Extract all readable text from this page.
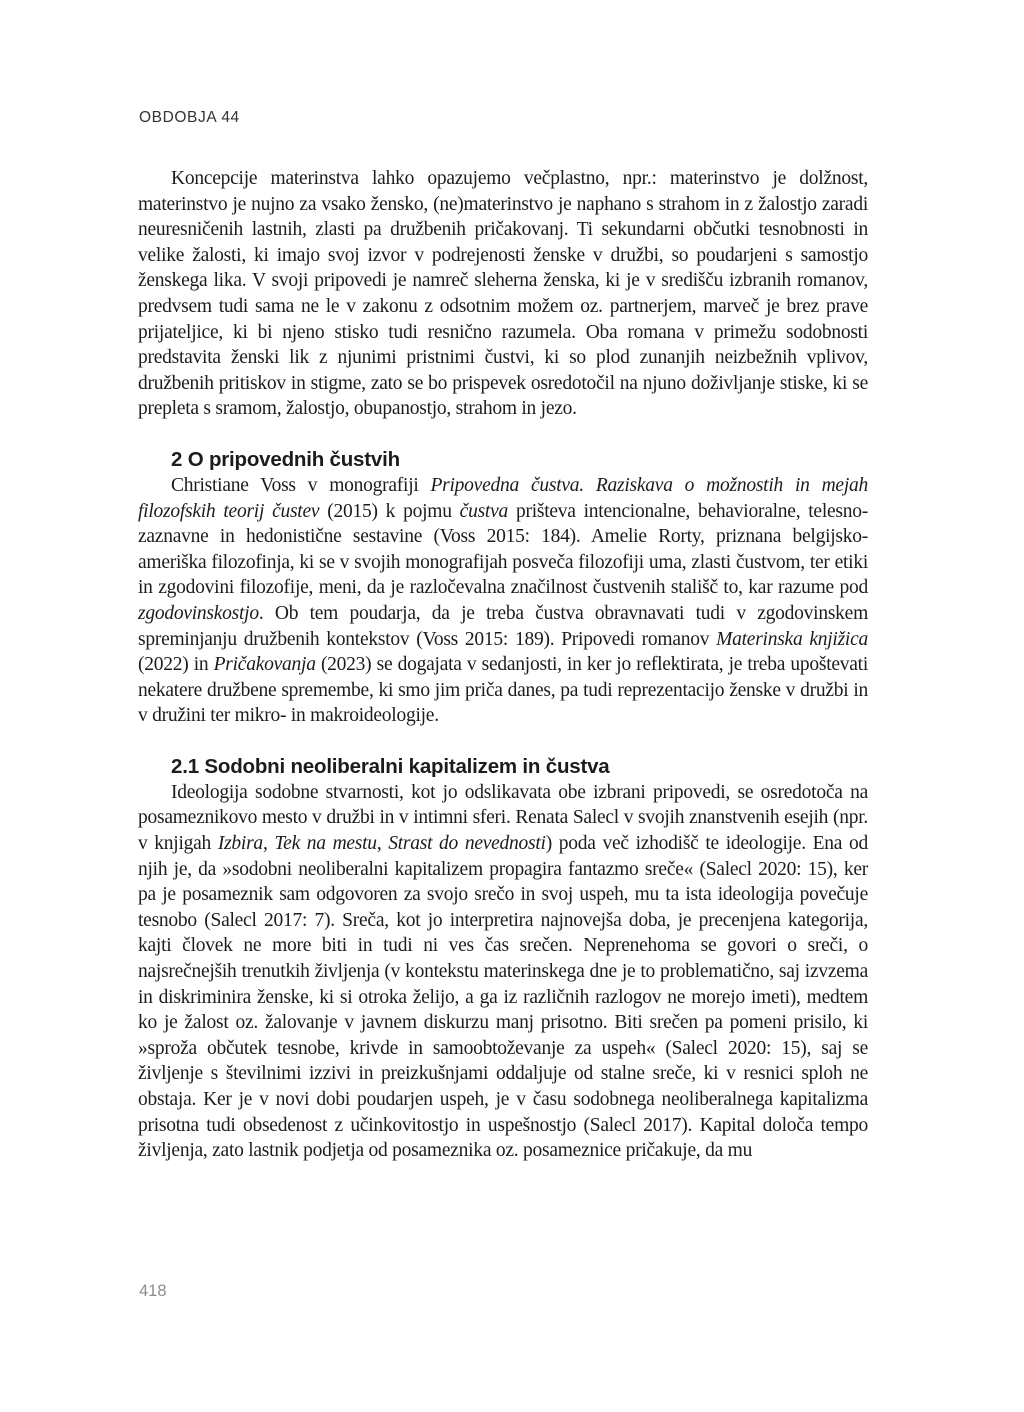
OBDOBJA 44

Koncepcije materinstva lahko opazujemo večplastno, npr.: materinstvo je dolžnost, materinstvo je nujno za vsako žensko, (ne)materinstvo je naphano s strahom in z žalostjo zaradi neuresničenih lastnih, zlasti pa družbenih pričakovanj. Ti sekundarni občutki tesnobnosti in velike žalosti, ki imajo svoj izvor v podrejenosti ženske v družbi, so poudarjeni s samostjo ženskega lika. V svoji pripovedi je namreč sleherna ženska, ki je v središču izbranih romanov, predvsem tudi sama ne le v zakonu z odsotnim možem oz. partnerjem, marveč je brez prave prijateljice, ki bi njeno stisko tudi resnično razumela. Oba romana v primežu sodobnosti predstavita ženski lik z njunimi pristnimi čustvi, ki so plod zunanjih neizbežnih vplivov, družbenih pritiskov in stigme, zato se bo prispevek osredotočil na njuno doživljanje stiske, ki se prepleta s sramom, žalostjo, obupanostjo, strahom in jezo.

2 O pripovednih čustvih

Christiane Voss v monografiji Pripovedna čustva. Raziskava o možnostih in mejah filozofskih teorij čustev (2015) k pojmu čustva prišteva intencionalne, behavioralne, telesno-zaznavne in hedonistične sestavine (Voss 2015: 184). Amelie Rorty, priznana belgijsko-ameriška filozofinja, ki se v svojih monografijah posveča filozofiji uma, zlasti čustvom, ter etiki in zgodovini filozofije, meni, da je razločevalna značilnost čustvenih stališč to, kar razume pod zgodovinskostjo. Ob tem poudarja, da je treba čustva obravnavati tudi v zgodovinskem spreminjanju družbenih kontekstov (Voss 2015: 189). Pripovedi romanov Materinska knjižica (2022) in Pričakovanja (2023) se dogajata v sedanjosti, in ker jo reflektirata, je treba upoštevati nekatere družbene spremembe, ki smo jim priča danes, pa tudi reprezentacijo ženske v družbi in v družini ter mikro- in makroideologije.

2.1 Sodobni neoliberalni kapitalizem in čustva

Ideologija sodobne stvarnosti, kot jo odslikavata obe izbrani pripovedi, se osredotoča na posameznikovo mesto v družbi in v intimni sferi. Renata Salecl v svojih znanstvenih esejih (npr. v knjigah Izbira, Tek na mestu, Strast do nevednosti) poda več izhodišč te ideologije. Ena od njih je, da »sodobni neoliberalni kapitalizem propagira fantazmo sreče« (Salecl 2020: 15), ker pa je posameznik sam odgovoren za svojo srečo in svoj uspeh, mu ta ista ideologija povečuje tesnobo (Salecl 2017: 7). Sreča, kot jo interpretira najnovejša doba, je precenjena kategorija, kajti človek ne more biti in tudi ni ves čas srečen. Neprenehoma se govori o sreči, o najsrečnejših trenutkih življenja (v kontekstu materinskega dne je to problematično, saj izvzema in diskriminira ženske, ki si otroka želijo, a ga iz različnih razlogov ne morejo imeti), medtem ko je žalost oz. žalovanje v javnem diskurzu manj prisotno. Biti srečen pa pomeni prisilo, ki »sproža občutek tesnobe, krivde in samoobtoževanje za uspeh« (Salecl 2020: 15), saj se življenje s številnimi izzivi in preizkušnjami oddaljuje od stalne sreče, ki v resnici sploh ne obstaja. Ker je v novi dobi poudarjen uspeh, je v času sodobnega neoliberalnega kapitalizma prisotna tudi obsedenost z učinkovitostjo in uspešnostjo (Salecl 2017). Kapital določa tempo življenja, zato lastnik podjetja od posameznika oz. posameznice pričakuje, da mu

418
